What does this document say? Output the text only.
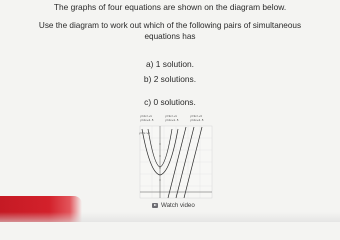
The graphs of four equations are shown on the diagram below.

Use the diagram to work out which of the following pairs of simultaneous

equations has

a) 1 solution.
b) 2 solutions.
c) 0 solutions.
y=2x²+1
y=2x+4.5
y=3x²+1
y=2x+1.5
y=3x²+3
y=2x+4.5
y=2x²+1
Watch video
